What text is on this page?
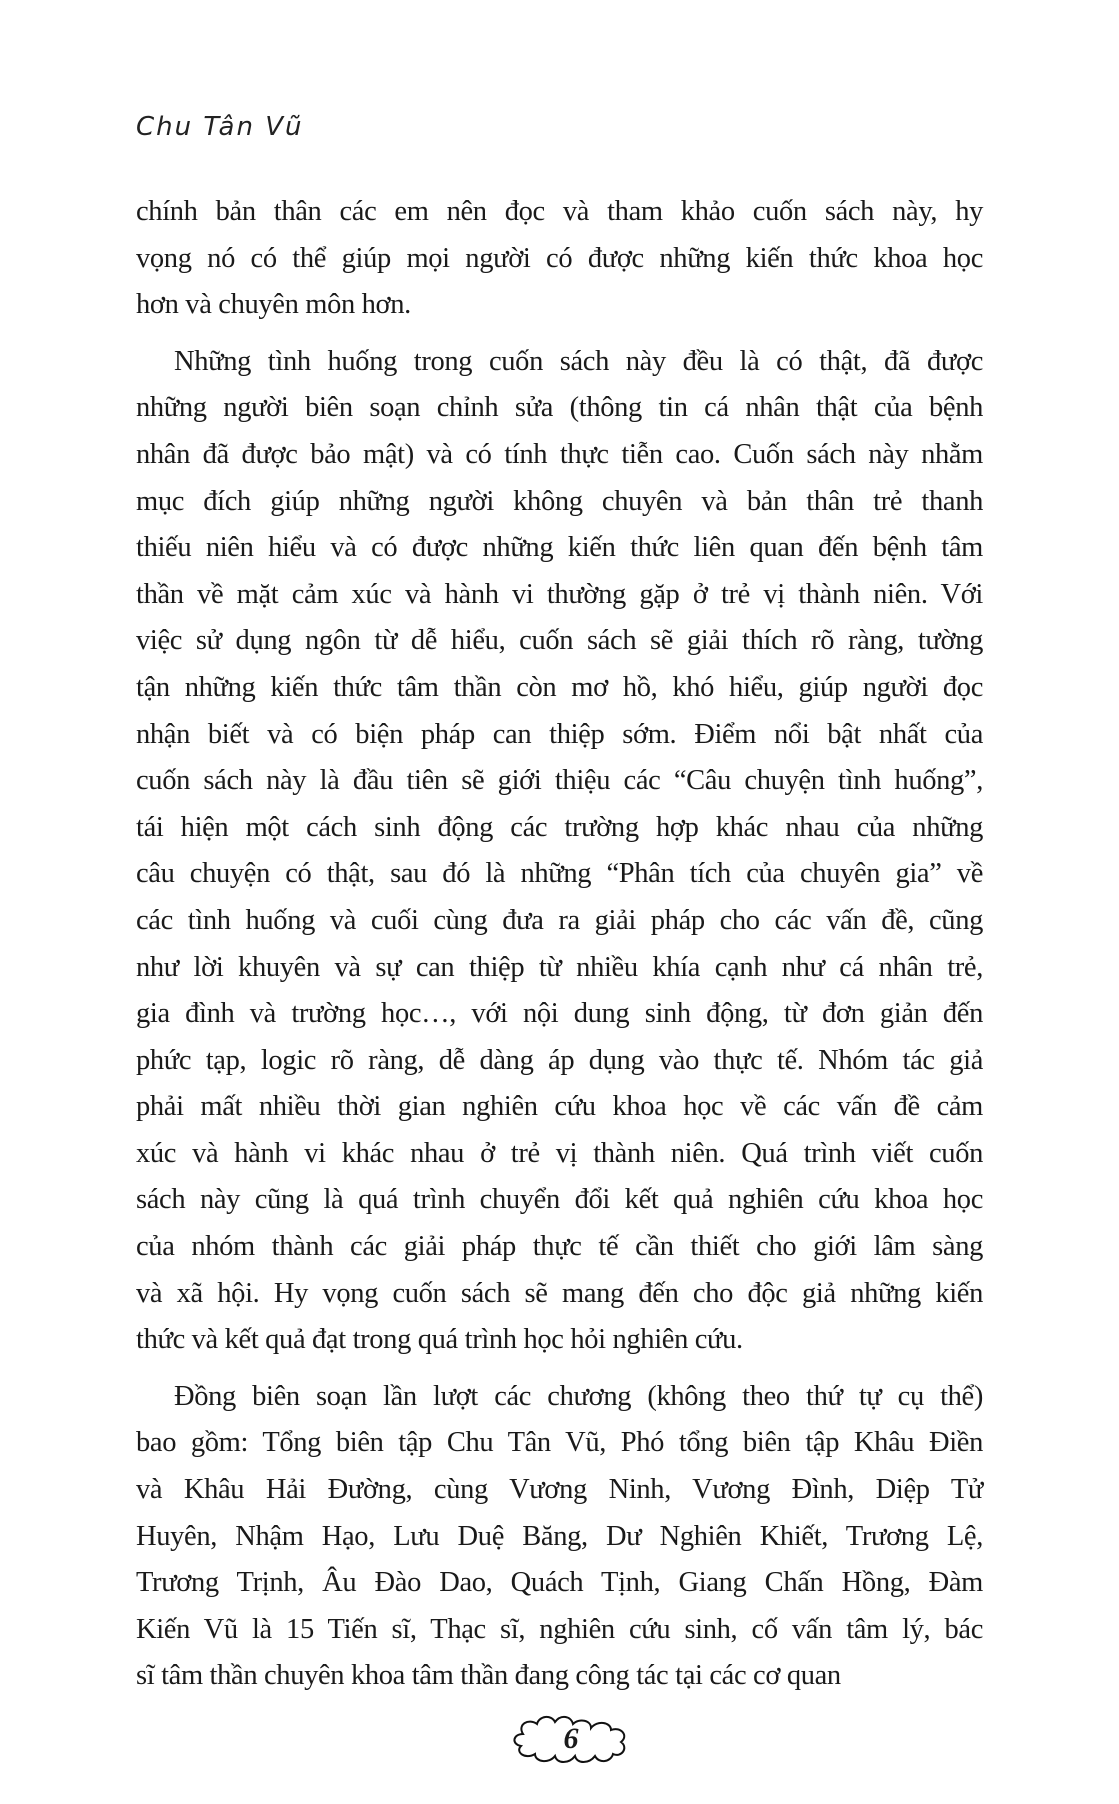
Chu Tân Vũ
chính bản thân các em nên đọc và tham khảo cuốn sách này, hy
vọng nó có thể giúp mọi người có được những kiến thức khoa học
hơn và chuyên môn hơn.
Những tình huống trong cuốn sách này đều là có thật, đã được
những người biên soạn chỉnh sửa (thông tin cá nhân thật của bệnh
nhân đã được bảo mật) và có tính thực tiễn cao. Cuốn sách này nhằm
mục đích giúp những người không chuyên và bản thân trẻ thanh
thiếu niên hiểu và có được những kiến thức liên quan đến bệnh tâm
thần về mặt cảm xúc và hành vi thường gặp ở trẻ vị thành niên. Với
việc sử dụng ngôn từ dễ hiểu, cuốn sách sẽ giải thích rõ ràng, tường
tận những kiến thức tâm thần còn mơ hồ, khó hiểu, giúp người đọc
nhận biết và có biện pháp can thiệp sớm. Điểm nổi bật nhất của
cuốn sách này là đầu tiên sẽ giới thiệu các “Câu chuyện tình huống”,
tái hiện một cách sinh động các trường hợp khác nhau của những
câu chuyện có thật, sau đó là những “Phân tích của chuyên gia” về
các tình huống và cuối cùng đưa ra giải pháp cho các vấn đề, cũng
như lời khuyên và sự can thiệp từ nhiều khía cạnh như cá nhân trẻ,
gia đình và trường học…, với nội dung sinh động, từ đơn giản đến
phức tạp, logic rõ ràng, dễ dàng áp dụng vào thực tế. Nhóm tác giả
phải mất nhiều thời gian nghiên cứu khoa học về các vấn đề cảm
xúc và hành vi khác nhau ở trẻ vị thành niên. Quá trình viết cuốn
sách này cũng là quá trình chuyển đổi kết quả nghiên cứu khoa học
của nhóm thành các giải pháp thực tế cần thiết cho giới lâm sàng
và xã hội. Hy vọng cuốn sách sẽ mang đến cho độc giả những kiến
thức và kết quả đạt trong quá trình học hỏi nghiên cứu.
Đồng biên soạn lần lượt các chương (không theo thứ tự cụ thể)
bao gồm: Tổng biên tập Chu Tân Vũ, Phó tổng biên tập Khâu Điền
và Khâu Hải Đường, cùng Vương Ninh, Vương Đình, Diệp Tử
Huyên, Nhậm Hạo, Lưu Duệ Băng, Dư Nghiên Khiết, Trương Lệ,
Trương Trịnh, Âu Đào Dao, Quách Tịnh, Giang Chấn Hồng, Đàm
Kiến Vũ là 15 Tiến sĩ, Thạc sĩ, nghiên cứu sinh, cố vấn tâm lý, bác
sĩ tâm thần chuyên khoa tâm thần đang công tác tại các cơ quan
6
